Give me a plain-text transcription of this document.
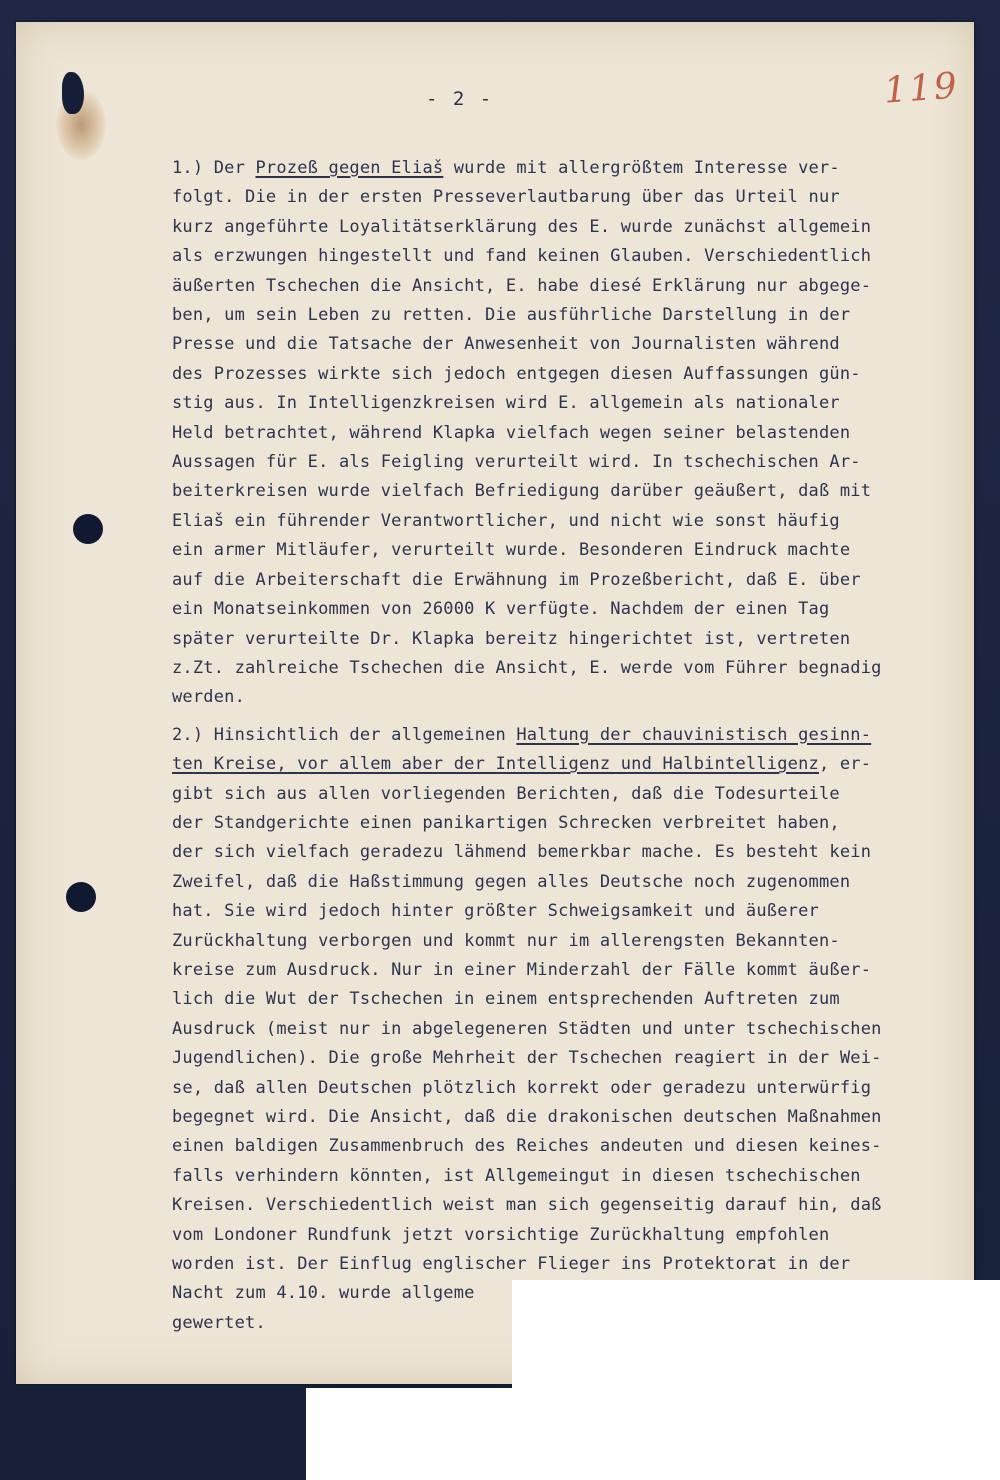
- 2 -	119
1.) Der Prozeß gegen Eliaš wurde mit allergrößtem Interesse ver-
folgt. Die in der ersten Presseverlautbarung über das Urteil nur
kurz angeführte Loyalitätserklärung des E. wurde zunächst allgemein
als erzwungen hingestellt und fand keinen Glauben. Verschiedentlich
äußerten Tschechen die Ansicht, E. habe diesé Erklärung nur abgege-
ben, um sein Leben zu retten. Die ausführliche Darstellung in der
Presse und die Tatsache der Anwesenheit von Journalisten während
des Prozesses wirkte sich jedoch entgegen diesen Auffassungen gün-
stig aus. In Intelligenzkreisen wird E. allgemein als nationaler
Held betrachtet, während Klapka vielfach wegen seiner belastenden
Aussagen für E. als Feigling verurteilt wird. In tschechischen Ar-
beiterkreisen wurde vielfach Befriedigung darüber geäußert, daß mit
Eliaš ein führender Verantwortlicher, und nicht wie sonst häufig
ein armer Mitläufer, verurteilt wurde. Besonderen Eindruck machte
auf die Arbeiterschaft die Erwähnung im Prozeßbericht, daß E. über
ein Monatseinkommen von 26000 K verfügte. Nachdem der einen Tag
später verurteilte Dr. Klapka bereitz hingerichtet ist, vertreten
z.Zt. zahlreiche Tschechen die Ansicht, E. werde vom Führer begnadig
werden.
2.) Hinsichtlich der allgemeinen Haltung der chauvinistisch gesinn-
ten Kreise, vor allem aber der Intelligenz und Halbintelligenz, er-
gibt sich aus allen vorliegenden Berichten, daß die Todesurteile
der Standgerichte einen panikartigen Schrecken verbreitet haben,
der sich vielfach geradezu lähmend bemerkbar mache. Es besteht kein
Zweifel, daß die Haßstimmung gegen alles Deutsche noch zugenommen
hat. Sie wird jedoch hinter größter Schweigsamkeit und äußerer
Zurückhaltung verborgen und kommt nur im allerengsten Bekannten-
kreise zum Ausdruck. Nur in einer Minderzahl der Fälle kommt äußer-
lich die Wut der Tschechen in einem entsprechenden Auftreten zum
Ausdruck (meist nur in abgelegeneren Städten und unter tschechischen
Jugendlichen). Die große Mehrheit der Tschechen reagiert in der Wei-
se, daß allen Deutschen plötzlich korrekt oder geradezu unterwürfig
begegnet wird. Die Ansicht, daß die drakonischen deutschen Maßnahmen
einen baldigen Zusammenbruch des Reiches andeuten und diesen keines-
falls verhindern könnten, ist Allgemeingut in diesen tschechischen
Kreisen. Verschiedentlich weist man sich gegenseitig darauf hin, daß
vom Londoner Rundfunk jetzt vorsichtige Zurückhaltung empfohlen
worden ist. Der Einflug englischer Flieger ins Protektorat in der
Nacht zum 4.10. wurde allgeme
gewertet.
